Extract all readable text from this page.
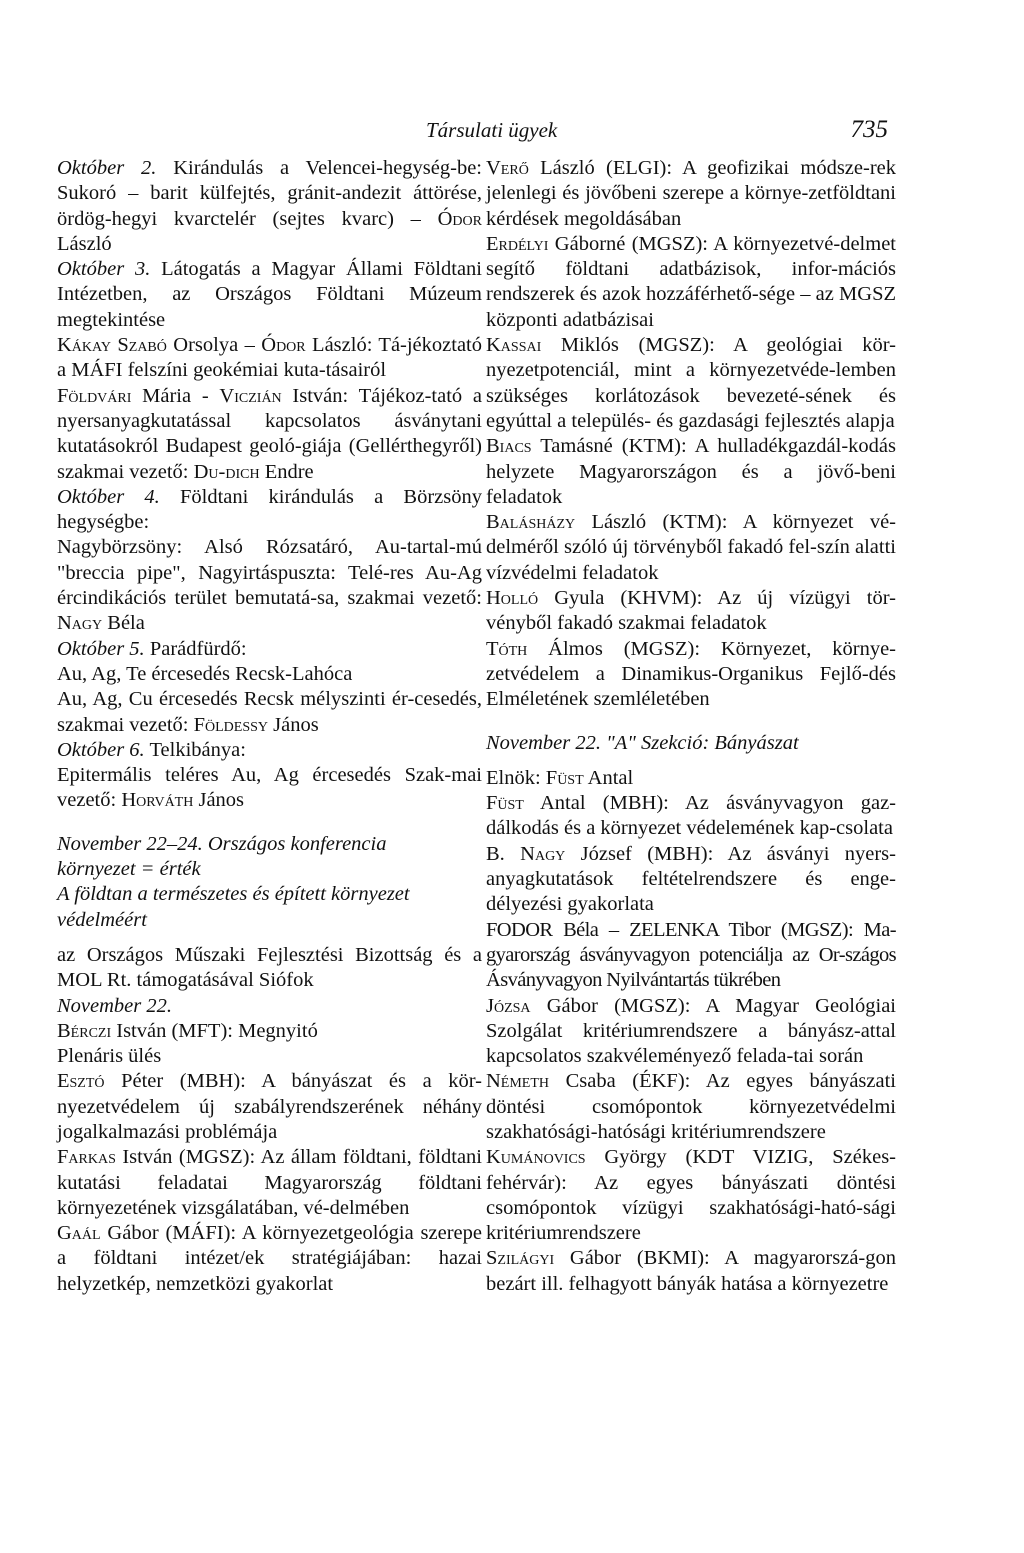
Társulati ügyek	735

Október 2. Kirándulás a Velencei-hegység-be: Sukoró – barit külfejtés, gránit-andezit áttörése, ördög-hegyi kvarctelér (sejtes kvarc) – Ódor László

Október 3. Látogatás a Magyar Állami Földtani Intézetben, az Országos Földtani Múzeum megtekintése

Kákay Szabó Orsolya – Ódor László: Tá-jékoztató a MÁFI felszíni geokémiai kuta-tásairól

Földvári Mária - Viczián István: Tájékoz-tató a nyersanyagkutatással kapcsolatos ásványtani kutatásokról Budapest geoló-giája (Gellérthegyről) szakmai vezető: Du-dich Endre

Október 4. Földtani kirándulás a Börzsöny hegységbe:

Nagybörzsöny: Alsó Rózsatáró, Au-tartal-mú "breccia pipe", Nagyirtáspuszta: Telé-res Au-Ag ércindikációs terület bemutatá-sa, szakmai vezető: Nagy Béla

Október 5. Parádfürdő:

Au, Ag, Te ércesedés Recsk-Lahóca

Au, Ag, Cu ércesedés Recsk mélyszinti ér-cesedés, szakmai vezető: Földessy János

Október 6. Telkibánya:

Epitermális teléres Au, Ag ércesedés Szak-mai vezető: Horváth János

November 22–24. Országos konferencia

környezet = érték

A földtan a természetes és épített környezet védelméért

az Országos Műszaki Fejlesztési Bizottság és a MOL Rt. támogatásával Siófok

November 22.

Bérczi István (MFT): Megnyitó

Plenáris ülés

Esztó Péter (MBH): A bányászat és a kör-nyezetvédelem új szabályrendszerének néhány jogalkalmazási problémája

Farkas István (MGSZ): Az állam földtani, földtani kutatási feladatai Magyarország földtani környezetének vizsgálatában, vé-delmében

Gaál Gábor (MÁFI): A környezetgeológia szerepe a földtani intézet/ek stratégiájában: hazai helyzetkép, nemzetközi gyakorlat

Verő László (ELGI): A geofizikai módsze-rek jelenlegi és jövőbeni szerepe a környe-zetföldtani kérdések megoldásában

Erdélyi Gáborné (MGSZ): A környezetvé-delmet segítő földtani adatbázisok, infor-mációs rendszerek és azok hozzáférhető-sége – az MGSZ központi adatbázisai

Kassai Miklós (MGSZ): A geológiai kör-nyezetpotenciál, mint a környezetvéde-lemben szükséges korlátozások bevezeté-sének és egyúttal a település- és gazdasági fejlesztés alapja

Biacs Tamásné (KTM): A hulladékgazdál-kodás helyzete Magyarországon és a jövő-beni feladatok

Balásházy László (KTM): A környezet vé-delméről szóló új törvényből fakadó fel-szín alatti vízvédelmi feladatok

Holló Gyula (KHVM): Az új vízügyi tör-vényből fakadó szakmai feladatok

Tóth Álmos (MGSZ): Környezet, környe-zetvédelem a Dinamikus-Organikus Fejlő-dés Elméletének szemléletében

November 22. "A" Szekció: Bányászat

Elnök: Füst Antal

Füst Antal (MBH): Az ásványvagyon gaz-dálkodás és a környezet védelemének kap-csolata

B. Nagy József (MBH): Az ásványi nyers-anyagkutatások feltételrendszere és enge-délyezési gyakorlata

FODOR Béla – ZELENKA Tibor (MGSZ): Ma-gyarország ásványvagyon potenciálja az Or-szágos Ásványvagyon Nyilvántartás tükrében

Józsa Gábor (MGSZ): A Magyar Geológiai Szolgálat kritériumrendszere a bányász-attal kapcsolatos szakvéleményező felada-tai során

Németh Csaba (ÉKF): Az egyes bányászati döntési csomópontok környezetvédelmi szakhatósági-hatósági kritériumrendszere

Kumánovics György (KDT VIZIG, Székes-fehérvár): Az egyes bányászati döntési csomópontok vízügyi szakhatósági-ható-sági kritériumrendszere

Szilágyi Gábor (BKMI): A magyarorszá-gon bezárt ill. felhagyott bányák hatása a környezetre
